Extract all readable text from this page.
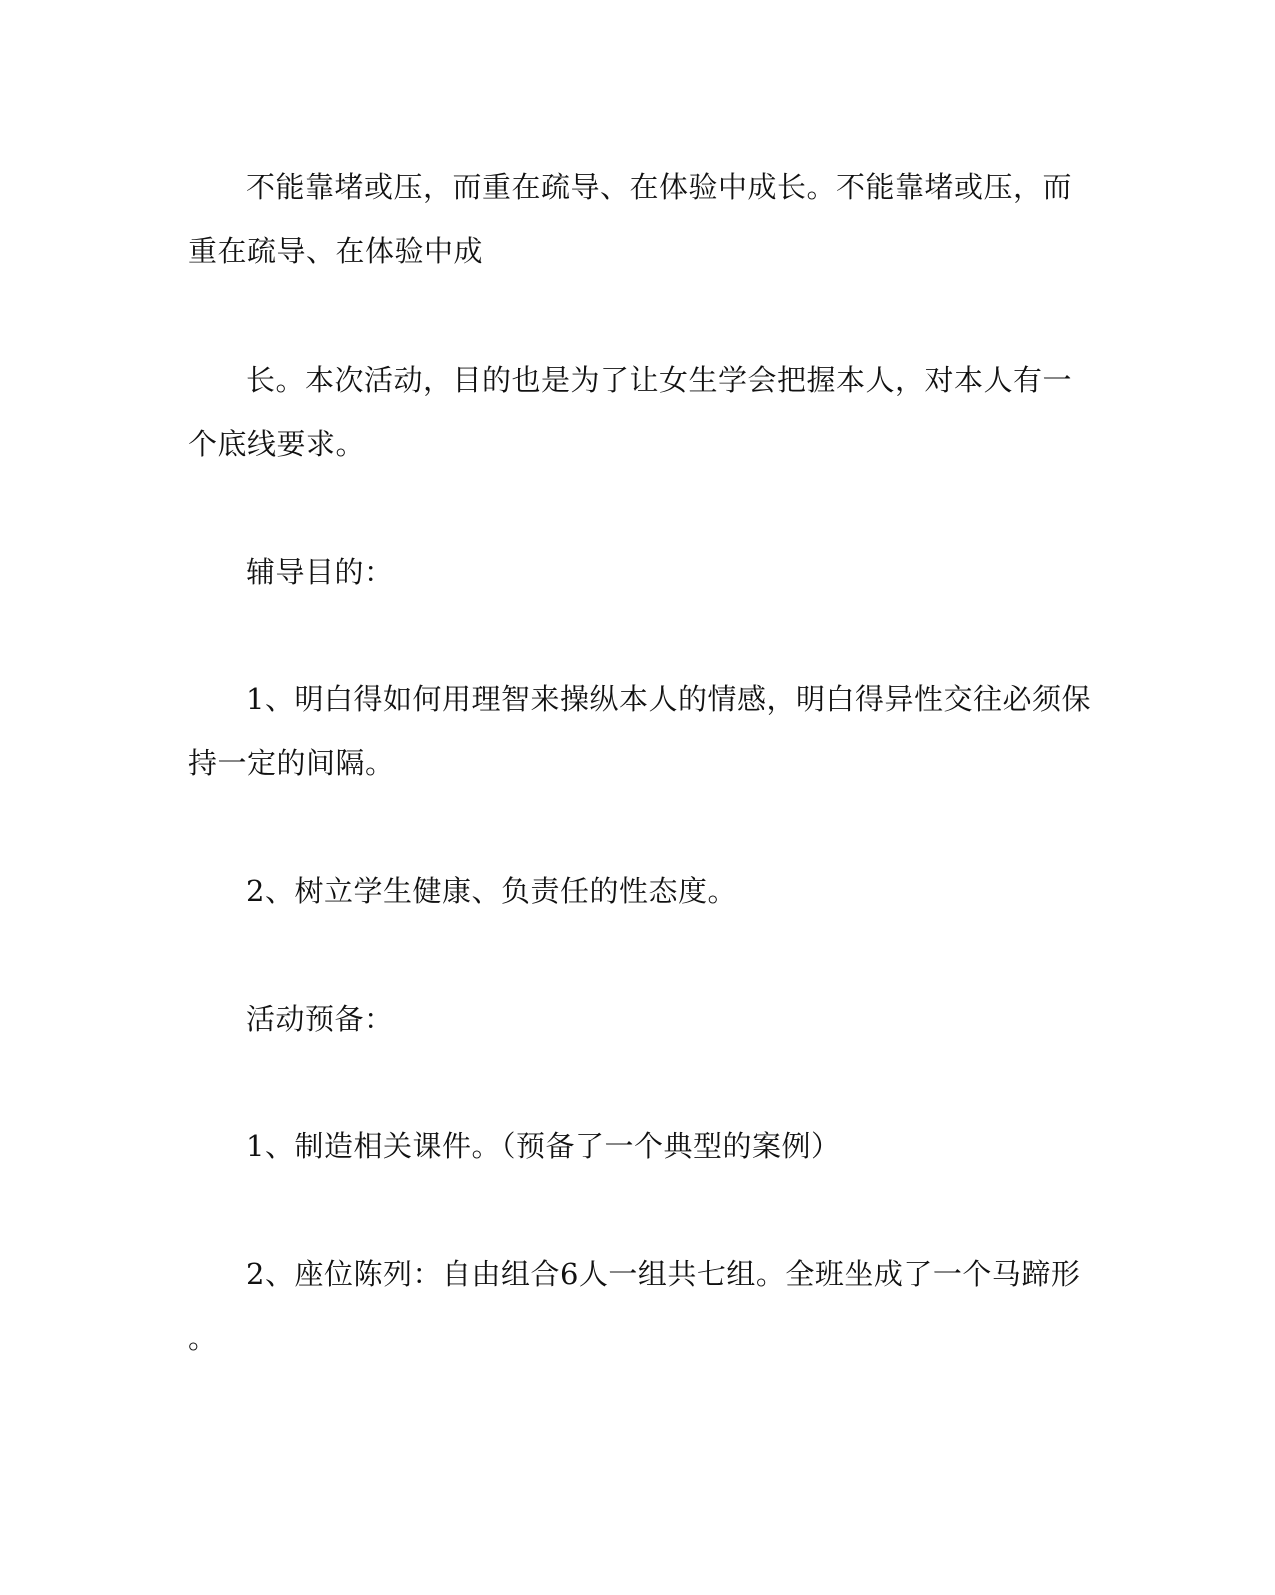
不能靠堵或压，而重在疏导、在体验中成长。不能靠堵或压，而
重在疏导、在体验中成
长。本次活动，目的也是为了让女生学会把握本人，对本人有一
个底线要求。
辅导目的：
1、明白得如何用理智来操纵本人的情感，明白得异性交往必须保
持一定的间隔。
2、树立学生健康、负责任的性态度。
活动预备：
1、制造相关课件。（预备了一个典型的案例）
2、座位陈列：自由组合6人一组共七组。全班坐成了一个马蹄形
。
